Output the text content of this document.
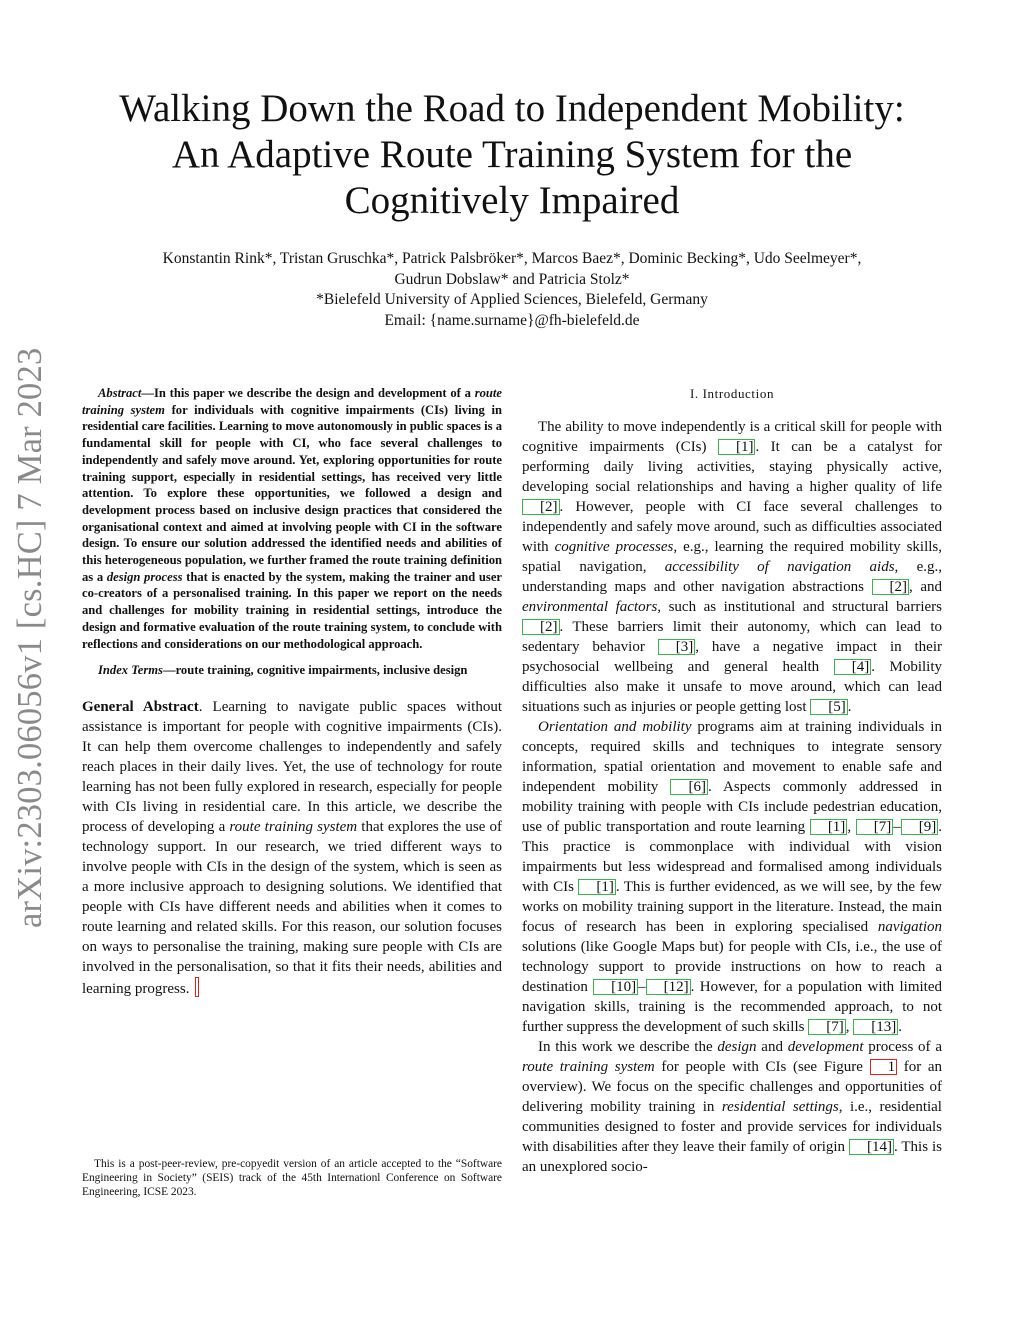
Walking Down the Road to Independent Mobility:
An Adaptive Route Training System for the
Cognitively Impaired
Konstantin Rink*, Tristan Gruschka*, Patrick Palsbröker*, Marcos Baez*, Dominic Becking*, Udo Seelmeyer*,
Gudrun Dobslaw* and Patricia Stolz*
*Bielefeld University of Applied Sciences, Bielefeld, Germany
Email: {name.surname}@fh-bielefeld.de
arXiv:2303.06056v1 [cs.HC] 7 Mar 2023	Abstract—In this paper we describe the design and development of a route training system for individuals with cognitive impairments (CIs) living in residential care facilities. Learning to move autonomously in public spaces is a fundamental skill for people with CI, who face several challenges to independently and safely move around. Yet, exploring opportunities for route training support, especially in residential settings, has received very little attention. To explore these opportunities, we followed a design and development process based on inclusive design practices that considered the organisational context and aimed at involving people with CI in the software design. To ensure our solution addressed the identified needs and abilities of this heterogeneous population, we further framed the route training definition as a design process that is enacted by the system, making the trainer and user co-creators of a personalised training. In this paper we report on the needs and challenges for mobility training in residential settings, introduce the design and formative evaluation of the route training system, to conclude with reflections and considerations on our methodological approach.

Index Terms—route training, cognitive impairments, inclusive design

General Abstract. Learning to navigate public spaces without assistance is important for people with cognitive impairments (CIs). It can help them overcome challenges to independently and safely reach places in their daily lives. Yet, the use of technology for route learning has not been fully explored in research, especially for people with CIs living in residential care. In this article, we describe the process of developing a route training system that explores the use of technology support. In our research, we tried different ways to involve people with CIs in the design of the system, which is seen as a more inclusive approach to designing solutions. We identified that people with CIs have different needs and abilities when it comes to route learning and related skills. For this reason, our solution focuses on ways to personalise the training, making sure people with CIs are involved in the personalisation, so that it fits their needs, abilities and learning progress.

This is a post-peer-review, pre-copyedit version of an article accepted to the “Software Engineering in Society” (SEIS) track of the 45th Internationl Conference on Software Engineering, ICSE 2023.
I. Introduction

The ability to move independently is a critical skill for people with cognitive impairments (CIs) [1] . It can be a catalyst for performing daily living activities, staying physically active, developing social relationships and having a higher quality of life [2] . However, people with CI face several challenges to independently and safely move around, such as difficulties associated with cognitive processes, e.g., learning the required mobility skills, spatial navigation, accessibility of navigation aids, e.g., understanding maps and other navigation abstractions [2] , and environmental factors, such as institutional and structural barriers [2] . These barriers limit their autonomy, which can lead to sedentary behavior [3] , have a negative impact in their psychosocial wellbeing and general health [4] . Mobility difficulties also make it unsafe to move around, which can lead situations such as injuries or people getting lost [5] .

Orientation and mobility programs aim at training individuals in concepts, required skills and techniques to integrate sensory information, spatial orientation and movement to enable safe and independent mobility [6] . Aspects commonly addressed in mobility training with people with CIs include pedestrian education, use of public transportation and route learning [1] , [7] – [9] . This practice is commonplace with individual with vision impairments but less widespread and formalised among individuals with CIs [1] . This is further evidenced, as we will see, by the few works on mobility training support in the literature. Instead, the main focus of research has been in exploring specialised navigation solutions (like Google Maps but) for people with CIs, i.e., the use of technology support to provide instructions on how to reach a destination [10] – [12] . However, for a population with limited navigation skills, training is the recommended approach, to not further suppress the development of such skills [7] , [13] .

In this work we describe the design and development process of a route training system for people with CIs (see Figure 1 for an overview). We focus on the specific challenges and opportunities of delivering mobility training in residential settings, i.e., residential communities designed to foster and provide services for individuals with disabilities after they leave their family of origin [14] . This is an unexplored socio-
